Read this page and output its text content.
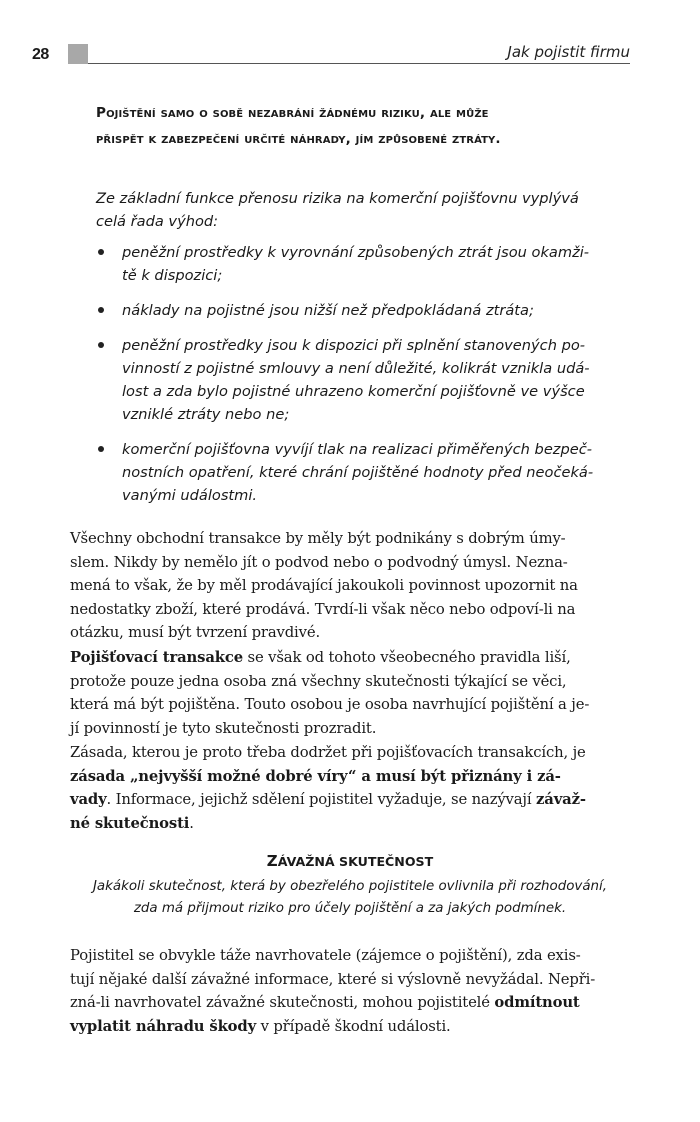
28	Jak pojistit firmu
Pojištění samo o sobě nezabrání žádnému riziku, ale může
přispět k zabezpečení určité náhrady, jím způsobené ztráty.
Ze základní funkce přenosu rizika na komerční pojišťovnu vyplývá
celá řada výhod:
peněžní prostředky k vyrovnání způsobených ztrát jsou okamži-
tě k dispozici;
náklady na pojistné jsou nižší než předpokládaná ztráta;
peněžní prostředky jsou k dispozici při splnění stanovených po-
vinností z pojistné smlouvy a není důležité, kolikrát vznikla udá-
lost a zda bylo pojistné uhrazeno komerční pojišťovně ve výšce
vzniklé ztráty nebo ne;
komerční pojišťovna vyvíjí tlak na realizaci přiměřených bezpeč-
nostních opatření, které chrání pojištěné hodnoty před neočeká-
vanými událostmi.
Všechny obchodní transakce by měly být podnikány s dobrým úmy-
slem. Nikdy by nemělo jít o podvod nebo o podvodný úmysl. Nezna-
mená to však, že by měl prodávající jakoukoli povinnost upozornit na
nedostatky zboží, které prodává. Tvrdí-li však něco nebo odpoví-li na
otázku, musí být tvrzení pravdivé.
Pojišťovací transakce se však od tohoto všeobecného pravidla liší,
protože pouze jedna osoba zná všechny skutečnosti týkající se věci,
která má být pojištěna. Touto osobou je osoba navrhující pojištění a je-
jí povinností je tyto skutečnosti prozradit.
Zásada, kterou je proto třeba dodržet při pojišťovacích transakcích, je
zásada „nejvyšší možné dobré víry“ a musí být přiznány i zá-
vady. Informace, jejichž sdělení pojistitel vyžaduje, se nazývají závaž-
né skutečnosti.
ZÁVAŽNÁ SKUTEČNOST
Jakákoli skutečnost, která by obezřelého pojistitele ovlivnila při rozhodování,
zda má přijmout riziko pro účely pojištění a za jakých podmínek.
Pojistitel se obvykle táže navrhovatele (zájemce o pojištění), zda exis-
tují nějaké další závažné informace, které si výslovně nevyžádal. Nepři-
zná-li navrhovatel závažné skutečnosti, mohou pojistitelé odmítnout
vyplatit náhradu škody v případě škodní události.
